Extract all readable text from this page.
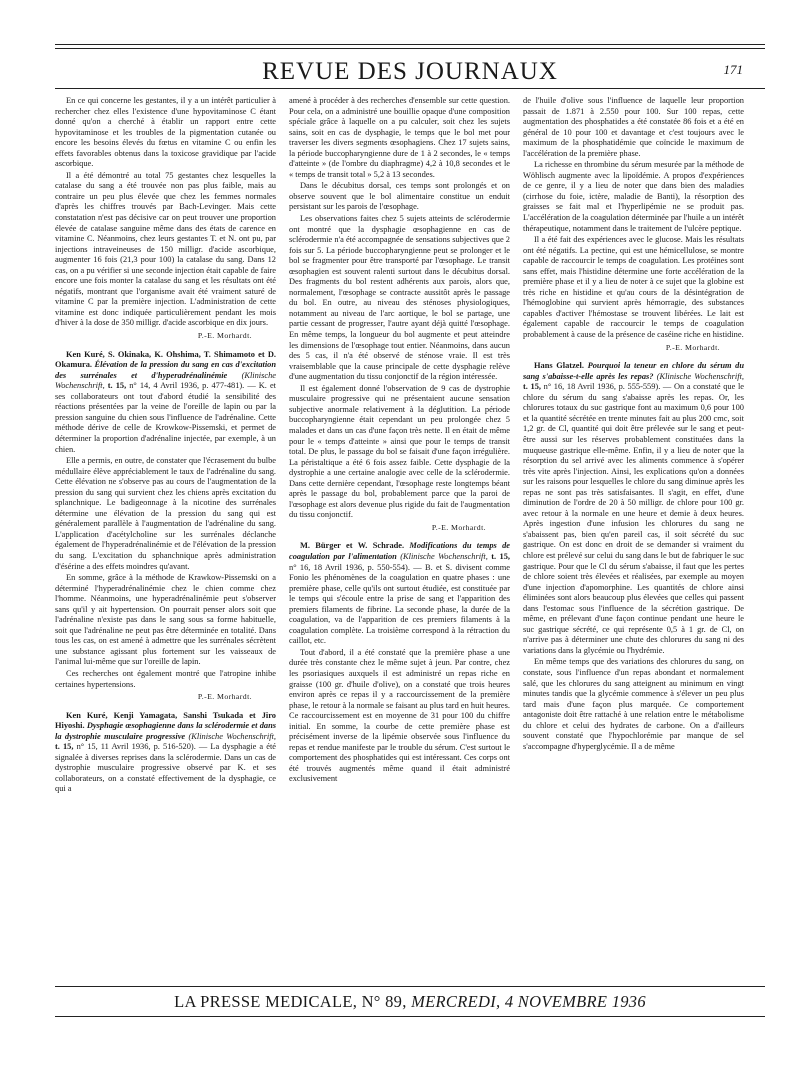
REVUE DES JOURNAUX	171

En ce qui concerne les gestantes, il y a un intérêt particulier à rechercher chez elles l'existence d'une hypovitaminose C étant donné qu'on a cherché à établir un rapport entre cette hypovitaminose et les troubles de la pigmentation cutanée ou encore les besoins élevés du fœtus en vitamine C ou enfin les effets favorables obtenus dans la toxicose gravidique par l'acide ascorbique.

Il a été démontré au total 75 gestantes chez lesquelles la catalase du sang a été trouvée non pas plus faible, mais au contraire un peu plus élevée que chez les femmes normales d'après les chiffres trouvés par Bach-Levinger. Mais cette constatation n'est pas décisive car on peut trouver une proportion élevée de catalase sanguine même dans des états de carence en vitamine C. Néanmoins, chez leurs gestantes T. et N. ont pu, par injections intraveineuses de 150 milligr. d'acide ascorbique, augmenter 16 fois (21,3 pour 100) la catalase du sang. Dans 12 cas, on a pu vérifier si une seconde injection était capable de faire encore une fois monter la catalase du sang et les résultats ont été négatifs, montrant que l'organisme avait été vraiment saturé de vitamine C par la première injection. L'administration de cette vitamine est donc indiquée particulièrement pendant les mois d'hiver à la dose de 350 milligr. d'acide ascorbique en dix jours.

P.-E. Morhardt.

Ken Kuré, S. Okinaka, K. Ohshima, T. Shimamoto et D. Okamura. Élévation de la pression du sang en cas d'excitation des surrénales et d'hyperadrénalinémie (Klinische Wochenschrift, t. 15, n° 14, 4 Avril 1936, p. 477-481). — K. et ses collaborateurs ont tout d'abord étudié la sensibilité des réactions présentées par la veine de l'oreille de lapin ou par la pression sanguine du chien sous l'influence de l'adrénaline. Cette méthode dérive de celle de Krowkow-Pissemski, et permet de déterminer la proportion d'adrénaline injectée, par exemple, à un chien.

Elle a permis, en outre, de constater que l'écrasement du bulbe médullaire élève appréciablement le taux de l'adrénaline du sang. Cette élévation ne s'observe pas au cours de l'augmentation de la pression du sang qui survient chez les chiens après excitation du splanchnique. Le badigeonnage à la nicotine des surrénales détermine une élévation de la pression du sang qui est généralement parallèle à l'augmentation de l'adrénaline du sang. L'application d'acétylcholine sur les surrénales déclanche également de l'hyperadrénalinémie et de l'élévation de la pression du sang. L'excitation du sphanchnique après administration d'ésérine a des effets moindres qu'avant.

En somme, grâce à la méthode de Krawkow-Pissemski on a déterminé l'hyperadrénalinémie chez le chien comme chez l'homme. Néanmoins, une hyperadrénalinémie peut s'observer sans qu'il y ait hypertension. On pourrait penser alors soit que l'adrénaline n'existe pas dans le sang sous sa forme habituelle, soit que l'adrénaline ne peut pas être déterminée en totalité. Dans tous les cas, on est amené à admettre que les surrénales sécrètent une substance agissant plus fortement sur les vaisseaux de l'animal lui-même que sur l'oreille de lapin.

Ces recherches ont également montré que l'atropine inhibe certaines hypertensions.

P.-E. Morhardt.

Ken Kuré, Kenji Yamagata, Sanshi Tsukada et Jiro Hiyoshi. Dysphagie œsophagienne dans la sclérodermie et dans la dystrophie musculaire progressive (Klinische Wochenschrift, t. 15, n° 15, 11 Avril 1936, p. 516-520). — La dysphagie a été signalée à diverses reprises dans la sclérodermie. Dans un cas de dystrophie musculaire progressive observé par K. et ses collaborateurs, on a constaté effectivement de la dysphagie, ce qui a

amené à procéder à des recherches d'ensemble sur cette question. Pour cela, on a administré une bouillie opaque d'une composition spéciale grâce à laquelle on a pu calculer, soit chez les sujets sains, soit en cas de dysphagie, le temps que le bol met pour traverser les divers segments œsophagiens. Chez 17 sujets sains, la période buccopharyngienne dure de 1 à 2 secondes, le « temps d'atteinte » (de l'ombre du diaphragme) 4,2 à 10,8 secondes et le « temps de transit total » 5,2 à 13 secondes.

Dans le décubitus dorsal, ces temps sont prolongés et on observe souvent que le bol alimentaire constitue un enduit persistant sur les parois de l'œsophage.

Les observations faites chez 5 sujets atteints de sclérodermie ont montré que la dysphagie œsophagienne en cas de sclérodermie n'a été accompagnée de sensations subjectives que 2 fois sur 5. La période buccopharyngienne peut se prolonger et le bol se fragmenter pour être transporté par l'œsophage. Le transit œsophagien est souvent ralenti surtout dans le décubitus dorsal. Des fragments du bol restent adhérents aux parois, alors que, normalement, l'œsophage se contracte aussitôt après le passage du bol. En outre, au niveau des sténoses physiologiques, notamment au niveau de l'arc aortique, le bol se partage, une partie cessant de progresser, l'autre ayant déjà quitté l'œsophage. En même temps, la longueur du bol augmente et peut atteindre les dimensions de l'œsophage tout entier. Néanmoins, dans aucun des 5 cas, il n'a été observé de sténose vraie. Il est très vraisemblable que la cause principale de cette dysphagie relève d'une augmentation du tissu conjonctif de la région intéressée.

Il est également donné l'observation de 9 cas de dystrophie musculaire progressive qui ne présentaient aucune sensation subjective anormale relativement à la déglutition. La période buccopharyngienne était cependant un peu prolongée chez 5 malades et dans un cas d'une façon très nette. Il en était de même pour le « temps d'atteinte » ainsi que pour le temps de transit total. De plus, le passage du bol se faisait d'une façon irrégulière. La péristaltique a été 6 fois assez faible. Cette dysphagie de la dystrophie a une certaine analogie avec celle de la sclérodermie. Dans cette dernière cependant, l'œsophage reste longtemps béant après le passage du bol, probablement parce que la paroi de l'œsophage est alors devenue plus rigide du fait de l'augmentation du tissu conjonctif.

P.-E. Morhardt.

M. Bürger et W. Schrade. Modifications du temps de coagulation par l'alimentation (Klinische Wochenschrift, t. 15, n° 16, 18 Avril 1936, p. 550-554). — B. et S. divisent comme Fonio les phénomènes de la coagulation en quatre phases : une première phase, celle qu'ils ont surtout étudiée, est constituée par le temps qui s'écoule entre la prise de sang et l'apparition des premiers filaments de fibrine. La seconde phase, la durée de la coagulation, va de l'apparition de ces premiers filaments à la coagulation complète. La troisième correspond à la rétraction du caillot, etc.

Tout d'abord, il a été constaté que la première phase a une durée très constante chez le même sujet à jeun. Par contre, chez les psoriasiques auxquels il est administré un repas riche en graisse (100 gr. d'huile d'olive), on a constaté que trois heures environ après ce repas il y a raccourcissement de la première phase, le retour à la normale se faisant au plus tard en huit heures. Ce raccourcissement est en moyenne de 31 pour 100 du chiffre initial. En somme, la courbe de cette première phase est précisément inverse de la lipémie observée sous l'influence du repas et rendue manifeste par le trouble du sérum. C'est surtout le comportement des phosphatides qui est intéressant. Ces corps ont été trouvés augmentés même quand il était administré exclusivement

de l'huile d'olive sous l'influence de laquelle leur proportion passait de 1.871 à 2.550 pour 100. Sur 100 repas, cette augmentation des phosphatides a été constatée 86 fois et a été en général de 10 pour 100 et davantage et c'est toujours avec le maximum de la phosphatidémie que coïncide le maximum de l'accélération de la première phase.

La richesse en thrombine du sérum mesurée par la méthode de Wöhlisch augmente avec la lipoïdémie. A propos d'expériences de ce genre, il y a lieu de noter que dans bien des maladies (cirrhose du foie, ictère, maladie de Banti), la résorption des graisses se fait mal et l'hyperlipémie ne se produit pas. L'accélération de la coagulation déterminée par l'huile a un intérêt thérapeutique, notamment dans le traitement de l'ulcère peptique.

Il a été fait des expériences avec le glucose. Mais les résultats ont été négatifs. La pectine, qui est une hémicellulose, se montre capable de raccourcir le temps de coagulation. Les protéines sont sans effet, mais l'histidine détermine une forte accélération de la première phase et il y a lieu de noter à ce sujet que la globine est très riche en histidine et qu'au cours de la désintégration de l'hémoglobine qui survient après hémorragie, des substances capables d'activer l'hémostase se trouvent libérées. Le lait est également capable de raccourcir le temps de coagulation probablement à cause de la présence de caséine riche en histidine.

P.-E. Morhardt.

Hans Glatzel. Pourquoi la teneur en chlore du sérum du sang s'abaisse-t-elle après les repas? (Klinische Wochenschrift, t. 15, n° 16, 18 Avril 1936, p. 555-559). — On a constaté que le chlore du sérum du sang s'abaisse après les repas. Or, les chlorures totaux du suc gastrique font au maximum 0,6 pour 100 et la quantité sécrétée en trente minutes fait au plus 200 cmc, soit 1,2 gr. de Cl, quantité qui doit être prélevée sur le sang et peut-être aussi sur les réserves probablement constituées dans la muqueuse gastrique elle-même. Enfin, il y a lieu de noter que la résorption du sel arrivé avec les aliments commence à s'opérer très vite après l'injection. Ainsi, les explications qu'on a données sur les raisons pour lesquelles le chlore du sang diminue après les repas ne sont pas très satisfaisantes. Il s'agit, en effet, d'une diminution de l'ordre de 20 à 50 milligr. de chlore pour 100 gr. avec retour à la normale en une heure et demie à deux heures. Après ingestion d'une infusion les chlorures du sang ne s'abaissent pas, bien qu'en pareil cas, il soit sécrété du suc gastrique. On est donc en droit de se demander si vraiment du chlore est prélevé sur celui du sang dans le but de fabriquer le suc gastrique. Pour que le Cl du sérum s'abaisse, il faut que les pertes de chlore soient très élevées et réalisées, par exemple au moyen d'une injection d'apomorphine. Les quantités de chlore ainsi éliminées sont alors beaucoup plus élevées que celles qui passent dans l'estomac sous l'influence de la sécrétion gastrique. De même, en prélevant d'une façon continue pendant une heure le suc gastrique sécrété, ce qui représente 0,5 à 1 gr. de Cl, on n'arrive pas à déterminer une chute des chlorures du sang ni des variations dans la glycémie ou l'hydrémie.

En même temps que des variations des chlorures du sang, on constate, sous l'influence d'un repas abondant et normalement salé, que les chlorures du sang atteignent au minimum en vingt minutes tandis que la glycémie commence à s'élever un peu plus tard mais d'une façon plus marquée. Ce comportement antagoniste doit être rattaché à une relation entre le métabolisme du chlore et celui des hydrates de carbone. On a d'ailleurs souvent constaté que l'hypochlorémie par manque de sel s'accompagne d'hyperglycémie. Il a de même

LA PRESSE MEDICALE, N° 89, MERCREDI, 4 NOVEMBRE 1936
